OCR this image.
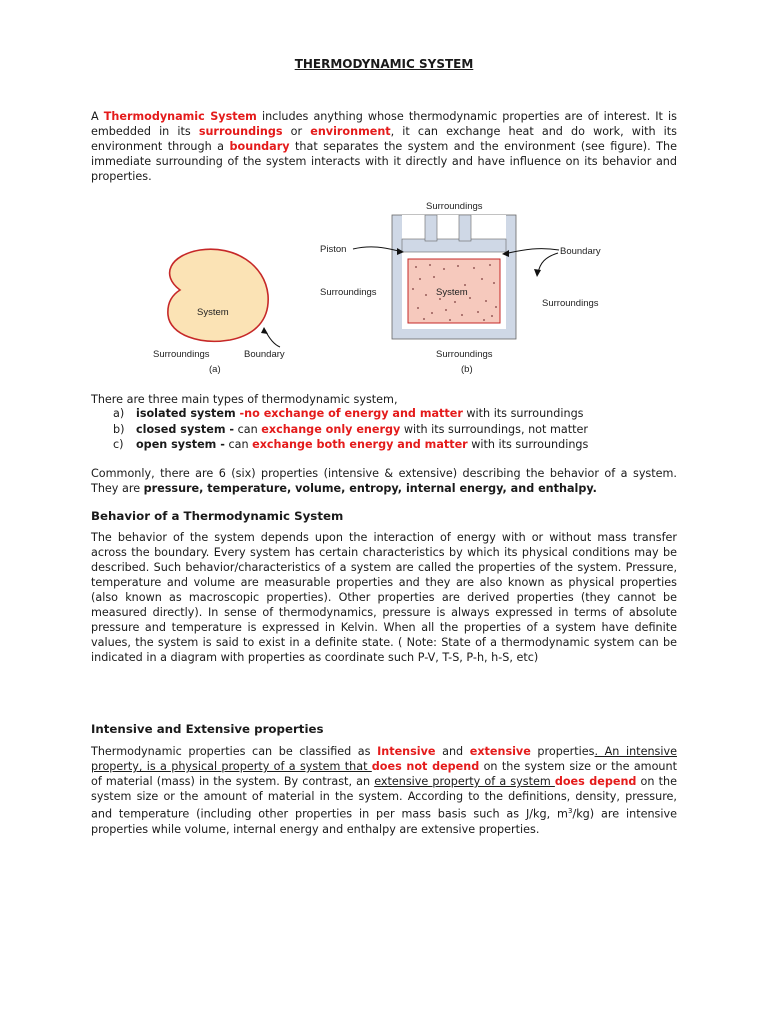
THERMODYNAMIC SYSTEM
A Thermodynamic System includes anything whose thermodynamic properties are of interest. It is embedded in its surroundings or environment, it can exchange heat and do work, with its environment through a boundary that separates the system and the environment (see figure). The immediate surrounding of the system interacts with it directly and have influence on its behavior and properties.
System
Surroundings	Boundary
(a)
System
Surroundings
Piston	Boundary
Surroundings
Surroundings
Surroundings
(b)
There are three main types of thermodynamic system,
a)	isolated system -no exchange of energy and matter with its surroundings
b)	closed system - can exchange only energy with its surroundings, not matter
c)	open system - can exchange both energy and matter with its surroundings
Commonly, there are 6 (six) properties (intensive & extensive) describing the behavior of a system. They are pressure, temperature, volume, entropy, internal energy, and enthalpy.
Behavior of a Thermodynamic System
The behavior of the system depends upon the interaction of energy with or without mass transfer across the boundary. Every system has certain characteristics by which its physical conditions may be described. Such behavior/characteristics of a system are called the properties of the system. Pressure, temperature and volume are measurable properties and they are also known as physical properties (also known as macroscopic properties). Other properties are derived properties (they cannot be measured directly). In sense of thermodynamics, pressure is always expressed in terms of absolute pressure and temperature is expressed in Kelvin. When all the properties of a system have definite values, the system is said to exist in a definite state. ( Note: State of a thermodynamic system can be indicated in a diagram with properties as coordinate such P-V, T-S, P-h, h-S, etc)
Intensive and Extensive properties
Thermodynamic properties can be classified as Intensive and extensive properties. An intensive property, is a physical property of a system that does not depend on the system size or the amount of material (mass) in the system. By contrast, an extensive property of a system does depend on the system size or the amount of material in the system. According to the definitions, density, pressure, and temperature (including other properties in per mass basis such as J/kg, $m^3/kg$) are intensive properties while volume, internal energy and enthalpy are extensive properties.
